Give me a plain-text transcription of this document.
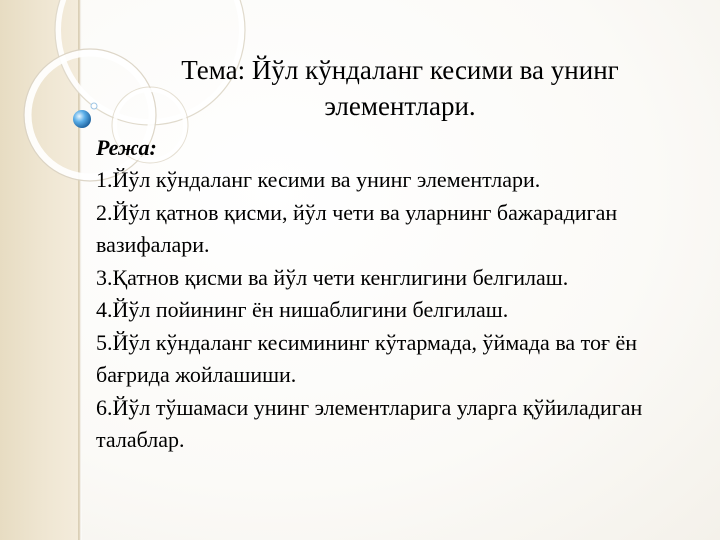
Тема: Йўл кўндаланг кесими ва унинг элементлари.

Режа:

1.Йўл кўндаланг кесими ва унинг элементлари.
2.Йўл қатнов қисми, йўл чети ва уларнинг бажарадиган вазифалари.
3.Қатнов қисми ва йўл чети кенглигини белгилаш.
4.Йўл пойининг ён нишаблигини белгилаш.
5.Йўл кўндаланг кесимининг кўтармада, ўймада ва тоғ ён бағрида жойлашиши.
6.Йўл тўшамаси унинг элементларига уларга қўйиладиган талаблар.
